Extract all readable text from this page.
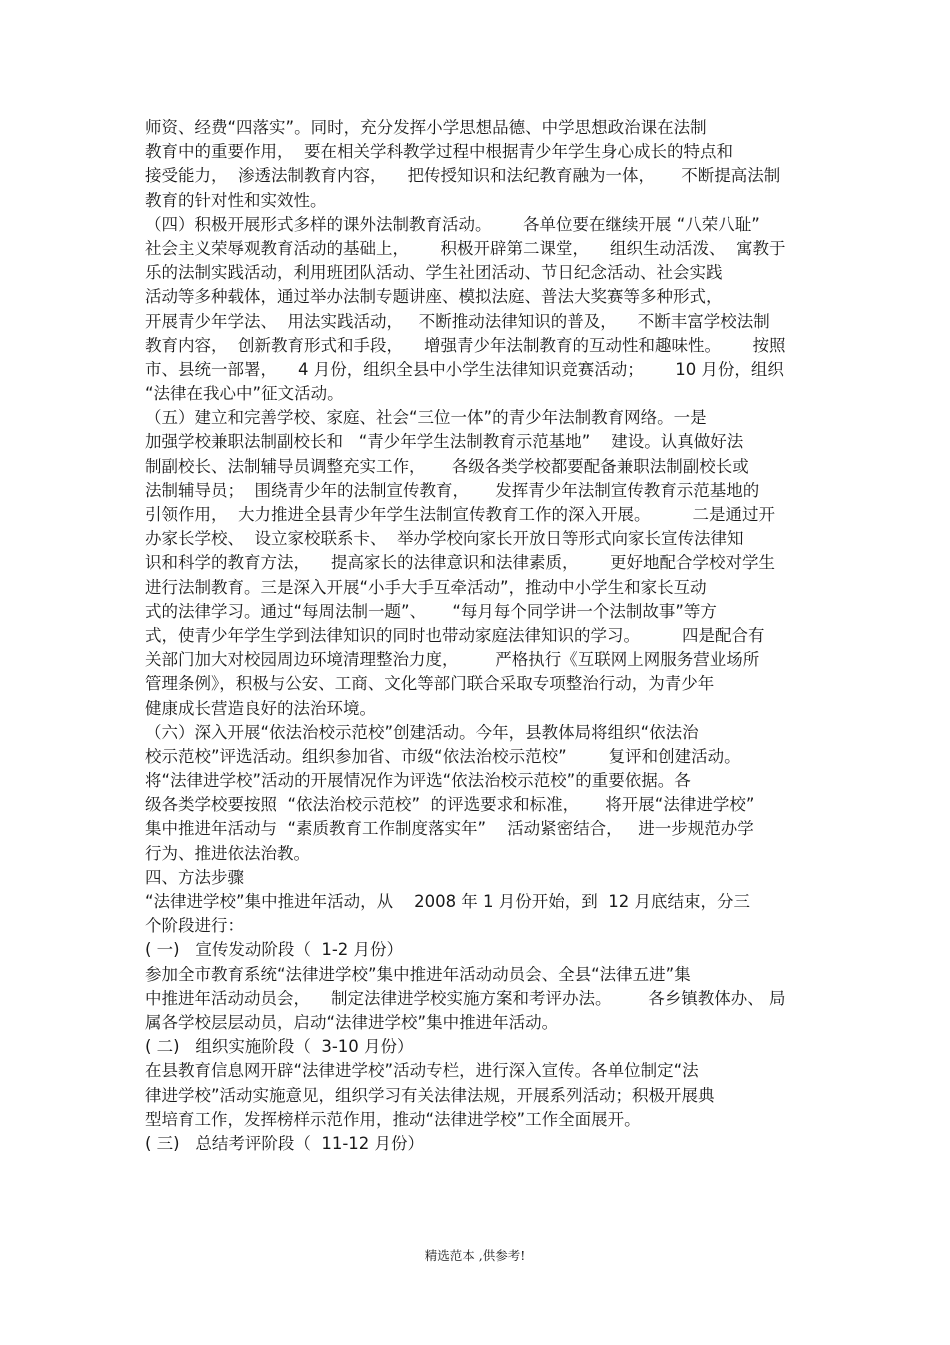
师资、经费“四落实”。同时，充分发挥小学思想品德、中学思想政治课在法制
教育中的重要作用，  要在相关学科教学过程中根据青少年学生身心成长的特点和
接受能力，  渗透法制教育内容，    把传授知识和法纪教育融为一体，     不断提高法制
教育的针对性和实效性。
（四）积极开展形式多样的课外法制教育活动。      各单位要在继续开展 “八荣八耻”
社会主义荣辱观教育活动的基础上，      积极开辟第二课堂，    组织生动活泼、  寓教于
乐的法制实践活动，利用班团队活动、学生社团活动、节日纪念活动、社会实践
活动等多种载体，通过举办法制专题讲座、模拟法庭、普法大奖赛等多种形式，
开展青少年学法、  用法实践活动，   不断推动法律知识的普及，    不断丰富学校法制
教育内容，  创新教育形式和手段，    增强青少年法制教育的互动性和趣味性。      按照
市、县统一部署，    4 月份，组织全县中小学生法律知识竞赛活动；      10 月份，组织
“法律在我心中”征文活动。
（五）建立和完善学校、家庭、社会“三位一体”的青少年法制教育网络。一是
加强学校兼职法制副校长和   “青少年学生法制教育示范基地”    建设。认真做好法
制副校长、法制辅导员调整充实工作，     各级各类学校都要配备兼职法制副校长或
法制辅导员；  围绕青少年的法制宣传教育，     发挥青少年法制宣传教育示范基地的
引领作用，  大力推进全县青少年学生法制宣传教育工作的深入开展。        二是通过开
办家长学校、  设立家校联系卡、  举办学校向家长开放日等形式向家长宣传法律知
识和科学的教育方法，    提高家长的法律意识和法律素质，      更好地配合学校对学生
进行法制教育。三是深入开展“小手大手互牵活动”，推动中小学生和家长互动
式的法律学习。通过“每周法制一题”、     “每月每个同学讲一个法制故事”等方
式，使青少年学生学到法律知识的同时也带动家庭法律知识的学习。        四是配合有
关部门加大对校园周边环境清理整治力度，       严格执行《互联网上网服务营业场所
管理条例》，积极与公安、工商、文化等部门联合采取专项整治行动，为青少年
健康成长营造良好的法治环境。
（六）深入开展“依法治校示范校”创建活动。今年，县教体局将组织“依法治
校示范校”评选活动。组织参加省、市级“依法治校示范校”        复评和创建活动。
将“法律进学校”活动的开展情况作为评选“依法治校示范校”的重要依据。各
级各类学校要按照  “依法治校示范校”  的评选要求和标准，     将开展“法律进学校”
集中推进年活动与  “素质教育工作制度落实年”    活动紧密结合，   进一步规范办学
行为、推进依法治教。
四、方法步骤
“法律进学校”集中推进年活动，从    2008 年 1 月份开始，到  12 月底结束，分三
个阶段进行：
( 一)   宣传发动阶段（  1-2 月份）
参加全市教育系统“法律进学校”集中推进年活动动员会、全县“法律五进”集
中推进年活动动员会，    制定法律进学校实施方案和考评办法。       各乡镇教体办、 局
属各学校层层动员，启动“法律进学校”集中推进年活动。
( 二)   组织实施阶段（  3-10 月份）
在县教育信息网开辟“法律进学校”活动专栏，进行深入宣传。各单位制定“法
律进学校”活动实施意见，组织学习有关法律法规，开展系列活动；积极开展典
型培育工作，发挥榜样示范作用，推动“法律进学校”工作全面展开。
( 三)   总结考评阶段（  11-12 月份）
精选范本 ,供参考!
